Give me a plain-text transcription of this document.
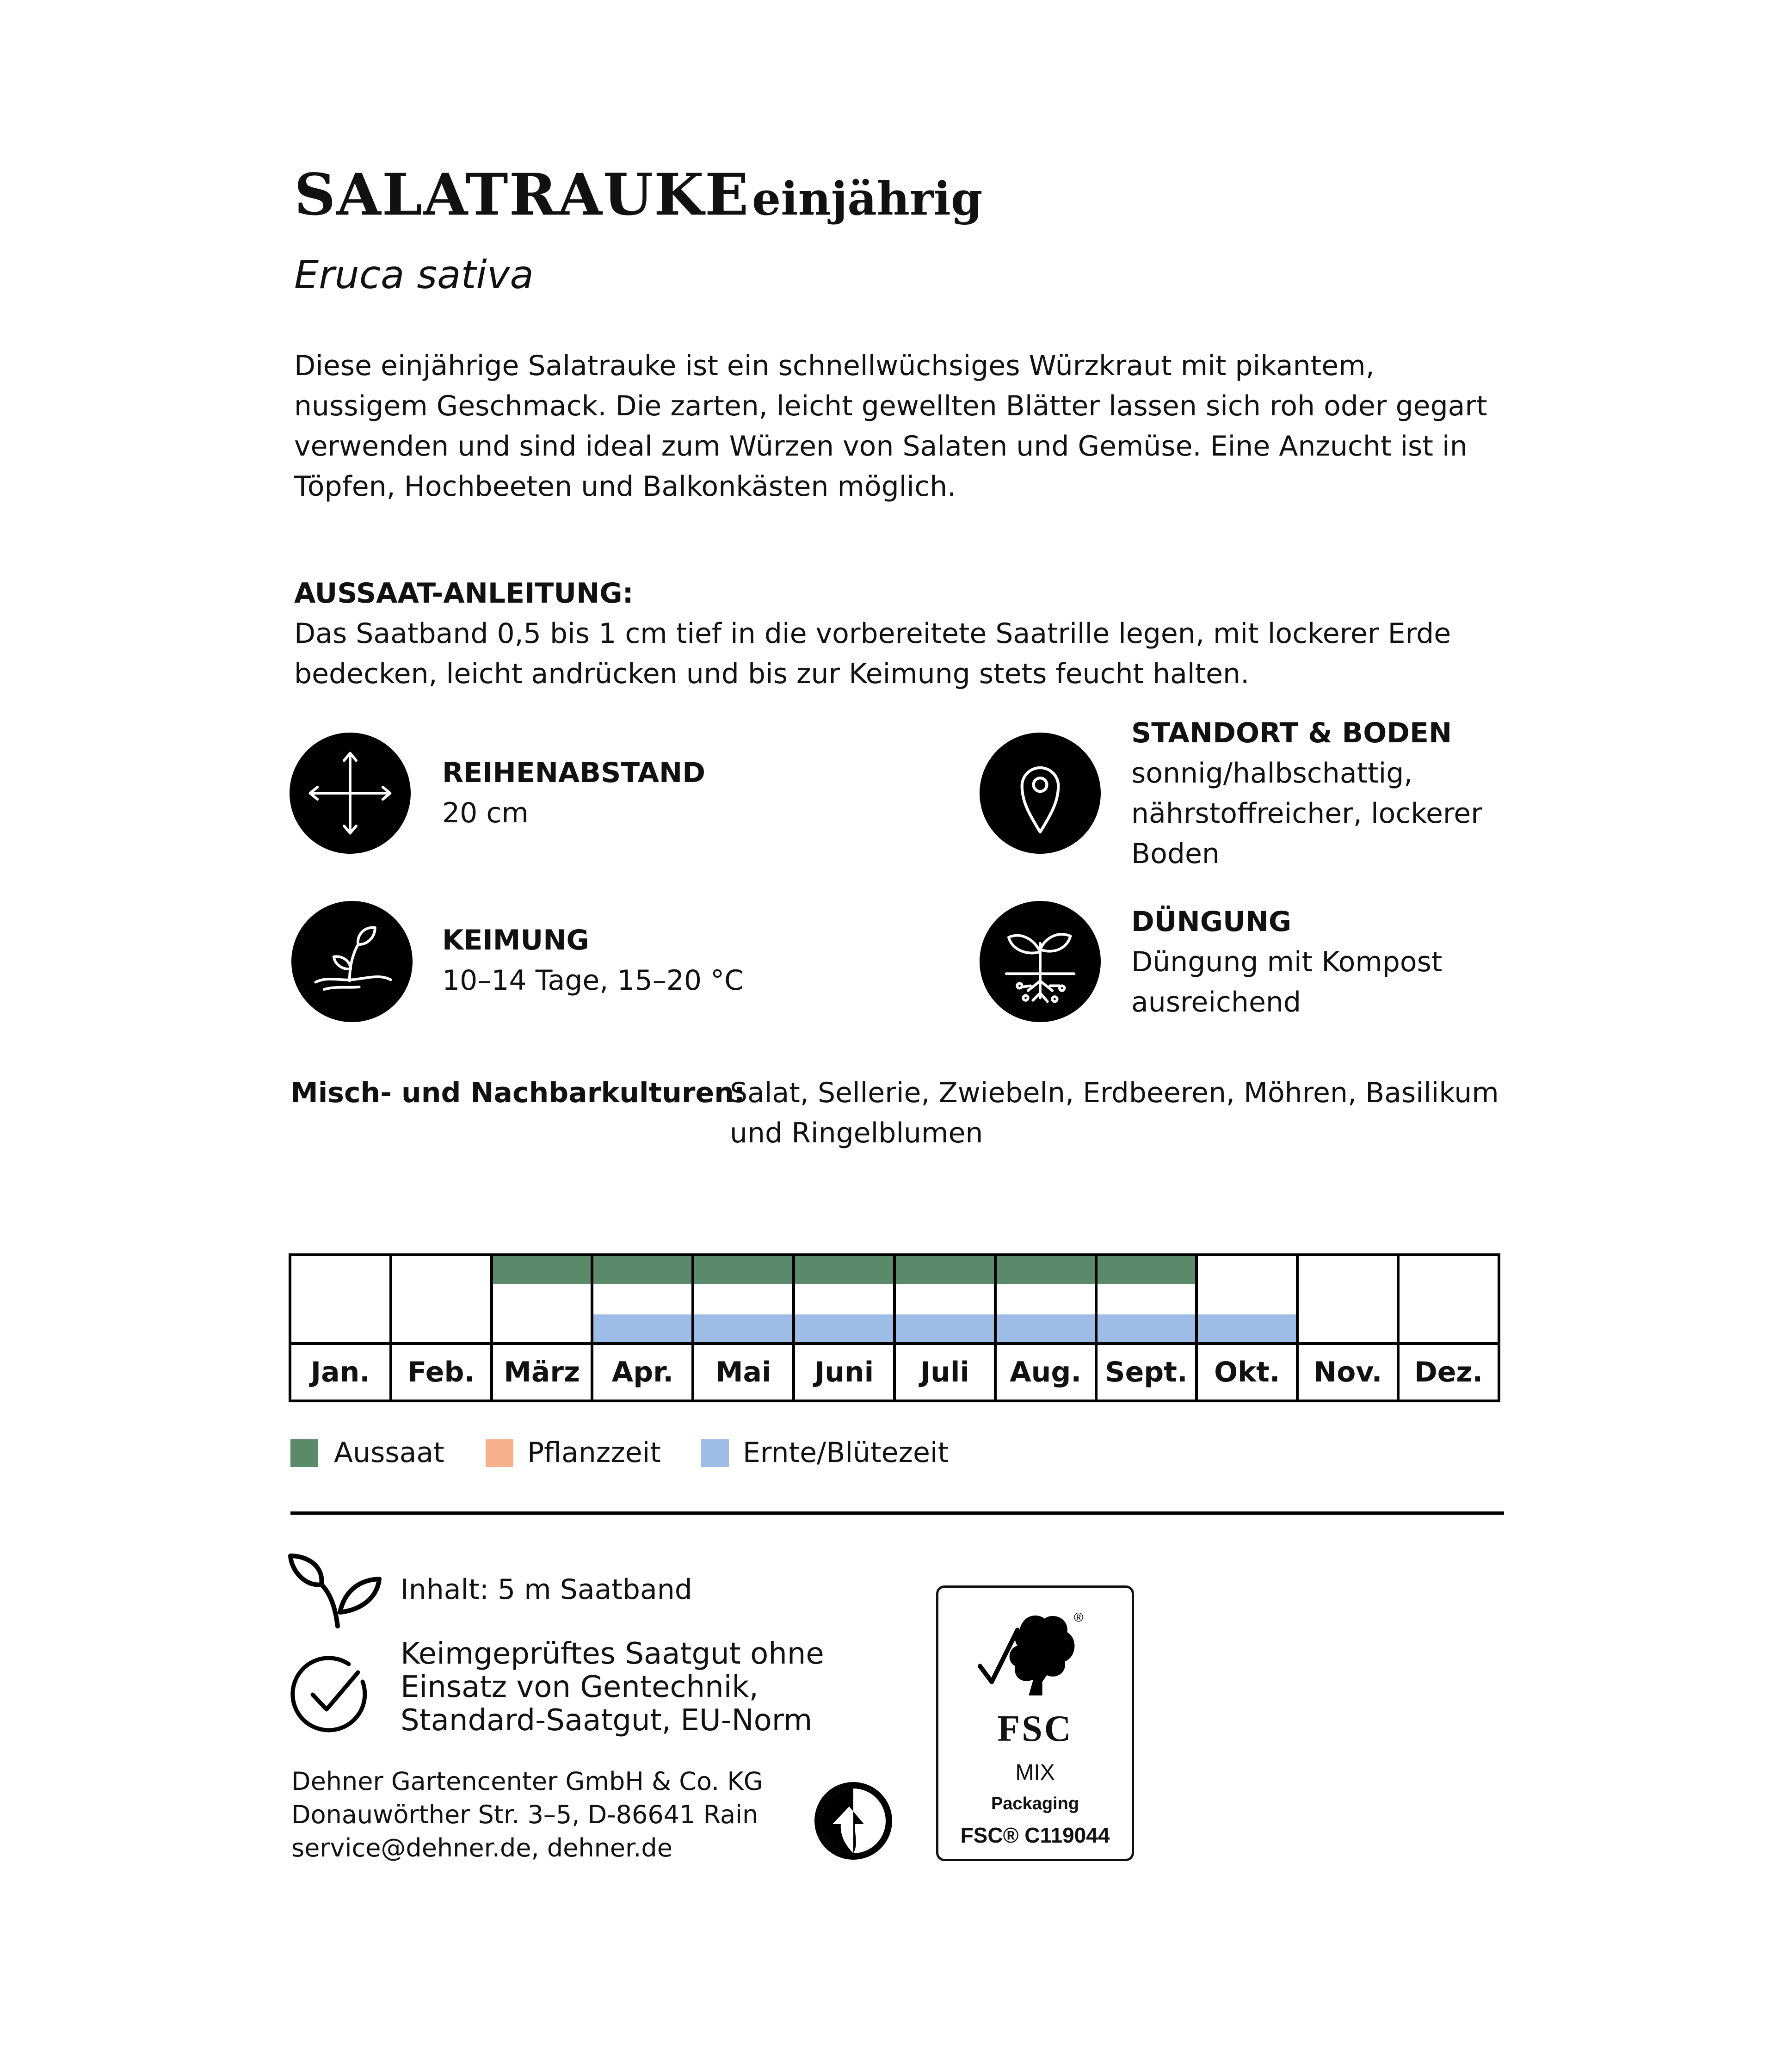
SALATRAUKE einjährig
Eruca sativa
Diese einjährige Salatrauke ist ein schnellwüchsiges Würzkraut mit pikantem, nussigem Geschmack. Die zarten, leicht gewellten Blätter lassen sich roh oder gegart verwenden und sind ideal zum Würzen von Salaten und Gemüse. Eine Anzucht ist in Töpfen, Hochbeeten und Balkonkästen möglich.
AUSSAAT-ANLEITUNG:
Das Saatband 0,5 bis 1 cm tief in die vorbereitete Saatrille legen, mit lockerer Erde bedecken, leicht andrücken und bis zur Keimung stets feucht halten.
REIHENABSTAND
20 cm
STANDORT & BODEN
sonnig/halbschattig, nährstoffreicher, lockerer Boden
KEIMUNG
10–14 Tage, 15–20 °C
DÜNGUNG
Düngung mit Kompost ausreichend
Misch- und Nachbarkulturen:
Salat, Sellerie, Zwiebeln, Erdbeeren, Möhren, Basilikum und Ringelblumen

Jan.	Feb.	März	Apr.	Mai	Juni	Juli	Aug.	Sept.	Okt.	Nov.	Dez.
Aussaat	Pflanzzeit	Ernte/Blütezeit
Inhalt: 5 m Saatband
Keimgeprüftes Saatgut ohne Einsatz von Gentechnik, Standard-Saatgut, EU-Norm
Dehner Gartencenter GmbH & Co. KG
Donauwörther Str. 3–5, D-86641 Rain
service@dehner.de, dehner.de
®
FSC
MIX
Packaging
FSC® C119044
